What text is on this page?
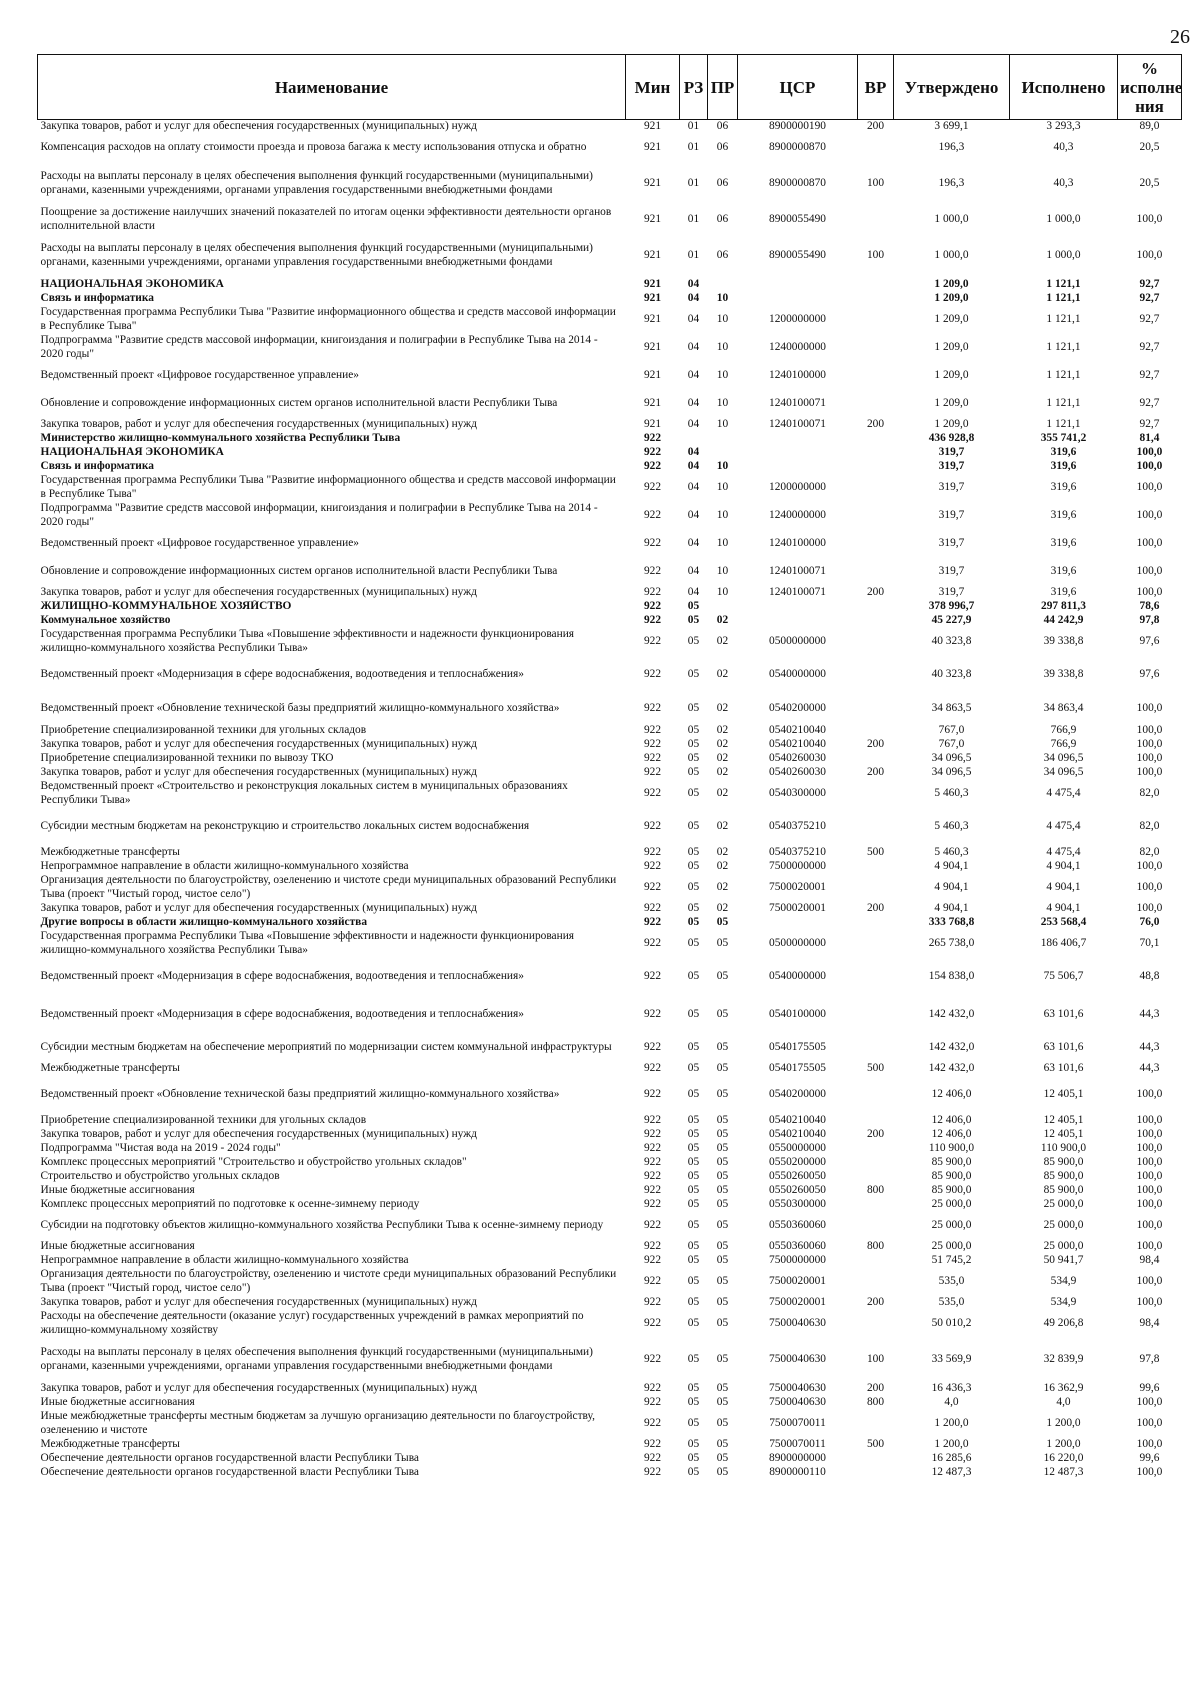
26
Наименование	Мин	РЗ	ПР	ЦСР	ВР	Утверждено	Исполнено	% исполне ния
Закупка товаров, работ и услуг для обеспечения государственных (муниципальных) нужд	921	01	06	8900000190	200	3 699,1	3 293,3	89,0
Компенсация расходов на оплату стоимости проезда и провоза багажа к месту использования отпуска и обратно	921	01	06	8900000870		196,3	40,3	20,5
Расходы на выплаты персоналу в целях обеспечения выполнения функций государственными (муниципальными) органами, казенными учреждениями, органами управления государственными внебюджетными фондами	921	01	06	8900000870	100	196,3	40,3	20,5
Поощрение за достижение наилучших значений показателей по итогам оценки эффективности деятельности органов исполнительной власти	921	01	06	8900055490		1 000,0	1 000,0	100,0
Расходы на выплаты персоналу в целях обеспечения выполнения функций государственными (муниципальными) органами, казенными учреждениями, органами управления государственными внебюджетными фондами	921	01	06	8900055490	100	1 000,0	1 000,0	100,0
НАЦИОНАЛЬНАЯ ЭКОНОМИКА	921	04				1 209,0	1 121,1	92,7
Связь и информатика	921	04	10			1 209,0	1 121,1	92,7
Государственная программа Республики Тыва "Развитие информационного общества и средств массовой информации в Республике Тыва"	921	04	10	1200000000		1 209,0	1 121,1	92,7
Подпрограмма "Развитие средств массовой информации, книгоиздания и полиграфии в Республике Тыва на 2014 - 2020 годы"	921	04	10	1240000000		1 209,0	1 121,1	92,7
Ведомственный проект «Цифровое государственное управление»	921	04	10	1240100000		1 209,0	1 121,1	92,7
Обновление и сопровождение информационных систем органов исполнительной власти Республики Тыва	921	04	10	1240100071		1 209,0	1 121,1	92,7
Закупка товаров, работ и услуг для обеспечения государственных (муниципальных) нужд	921	04	10	1240100071	200	1 209,0	1 121,1	92,7
Министерство жилищно-коммунального хозяйства Республики Тыва	922					436 928,8	355 741,2	81,4
НАЦИОНАЛЬНАЯ ЭКОНОМИКА	922	04				319,7	319,6	100,0
Связь и информатика	922	04	10			319,7	319,6	100,0
Государственная программа Республики Тыва "Развитие информационного общества и средств массовой информации в Республике Тыва"	922	04	10	1200000000		319,7	319,6	100,0
Подпрограмма "Развитие средств массовой информации, книгоиздания и полиграфии в Республике Тыва на 2014 - 2020 годы"	922	04	10	1240000000		319,7	319,6	100,0
Ведомственный проект «Цифровое государственное управление»	922	04	10	1240100000		319,7	319,6	100,0
Обновление и сопровождение информационных систем органов исполнительной власти Республики Тыва	922	04	10	1240100071		319,7	319,6	100,0
Закупка товаров, работ и услуг для обеспечения государственных (муниципальных) нужд	922	04	10	1240100071	200	319,7	319,6	100,0
ЖИЛИЩНО-КОММУНАЛЬНОЕ ХОЗЯЙСТВО	922	05				378 996,7	297 811,3	78,6
Коммунальное хозяйство	922	05	02			45 227,9	44 242,9	97,8
Государственная программа Республики Тыва «Повышение эффективности и надежности функционирования жилищно-коммунального хозяйства Республики Тыва»	922	05	02	0500000000		40 323,8	39 338,8	97,6
Ведомственный проект «Модернизация в сфере водоснабжения, водоотведения и теплоснабжения»	922	05	02	0540000000		40 323,8	39 338,8	97,6
Ведомственный проект «Обновление технической базы предприятий жилищно-коммунального хозяйства»	922	05	02	0540200000		34 863,5	34 863,4	100,0
Приобретение специализированной техники для угольных складов	922	05	02	0540210040		767,0	766,9	100,0
Закупка товаров, работ и услуг для обеспечения государственных (муниципальных) нужд	922	05	02	0540210040	200	767,0	766,9	100,0
Приобретение специализированной техники по вывозу ТКО	922	05	02	0540260030		34 096,5	34 096,5	100,0
Закупка товаров, работ и услуг для обеспечения государственных (муниципальных) нужд	922	05	02	0540260030	200	34 096,5	34 096,5	100,0
Ведомственный проект «Строительство и реконструкция локальных систем в муниципальных образованиях Республики Тыва»	922	05	02	0540300000		5 460,3	4 475,4	82,0
Субсидии местным бюджетам на реконструкцию и строительство локальных систем водоснабжения	922	05	02	0540375210		5 460,3	4 475,4	82,0
Межбюджетные трансферты	922	05	02	0540375210	500	5 460,3	4 475,4	82,0
Непрограммное направление в области жилищно-коммунального хозяйства	922	05	02	7500000000		4 904,1	4 904,1	100,0
Организация деятельности по благоустройству, озеленению и чистоте среди муниципальных образований Республики Тыва (проект "Чистый город, чистое село")	922	05	02	7500020001		4 904,1	4 904,1	100,0
Закупка товаров, работ и услуг для обеспечения государственных (муниципальных) нужд	922	05	02	7500020001	200	4 904,1	4 904,1	100,0
Другие вопросы в области жилищно-коммунального хозяйства	922	05	05			333 768,8	253 568,4	76,0
Государственная программа Республики Тыва «Повышение эффективности и надежности функционирования жилищно-коммунального хозяйства Республики Тыва»	922	05	05	0500000000		265 738,0	186 406,7	70,1
Ведомственный проект «Модернизация в сфере водоснабжения, водоотведения и теплоснабжения»	922	05	05	0540000000		154 838,0	75 506,7	48,8
Ведомственный проект «Модернизация в сфере водоснабжения, водоотведения и теплоснабжения»	922	05	05	0540100000		142 432,0	63 101,6	44,3
Субсидии местным бюджетам на обеспечение мероприятий по модернизации систем коммунальной инфраструктуры	922	05	05	0540175505		142 432,0	63 101,6	44,3
Межбюджетные трансферты	922	05	05	0540175505	500	142 432,0	63 101,6	44,3
Ведомственный проект «Обновление технической базы предприятий жилищно-коммунального хозяйства»	922	05	05	0540200000		12 406,0	12 405,1	100,0
Приобретение специализированной техники для угольных складов	922	05	05	0540210040		12 406,0	12 405,1	100,0
Закупка товаров, работ и услуг для обеспечения государственных (муниципальных) нужд	922	05	05	0540210040	200	12 406,0	12 405,1	100,0
Подпрограмма "Чистая вода на 2019 - 2024 годы"	922	05	05	0550000000		110 900,0	110 900,0	100,0
Комплекс процессных мероприятий "Строительство и обустройство угольных складов"	922	05	05	0550200000		85 900,0	85 900,0	100,0
Строительство и обустройство угольных складов	922	05	05	0550260050		85 900,0	85 900,0	100,0
Иные бюджетные ассигнования	922	05	05	0550260050	800	85 900,0	85 900,0	100,0
Комплекс процессных мероприятий по подготовке к осенне-зимнему периоду	922	05	05	0550300000		25 000,0	25 000,0	100,0
Субсидии на подготовку объектов жилищно-коммунального хозяйства Республики Тыва к осенне-зимнему периоду	922	05	05	0550360060		25 000,0	25 000,0	100,0
Иные бюджетные ассигнования	922	05	05	0550360060	800	25 000,0	25 000,0	100,0
Непрограммное направление в области жилищно-коммунального хозяйства	922	05	05	7500000000		51 745,2	50 941,7	98,4
Организация деятельности по благоустройству, озеленению и чистоте среди муниципальных образований Республики Тыва (проект "Чистый город, чистое село")	922	05	05	7500020001		535,0	534,9	100,0
Закупка товаров, работ и услуг для обеспечения государственных (муниципальных) нужд	922	05	05	7500020001	200	535,0	534,9	100,0
Расходы на обеспечение деятельности (оказание услуг) государственных учреждений в рамках мероприятий по жилищно-коммунальному хозяйству	922	05	05	7500040630		50 010,2	49 206,8	98,4
Расходы на выплаты персоналу в целях обеспечения выполнения функций государственными (муниципальными) органами, казенными учреждениями, органами управления государственными внебюджетными фондами	922	05	05	7500040630	100	33 569,9	32 839,9	97,8
Закупка товаров, работ и услуг для обеспечения государственных (муниципальных) нужд	922	05	05	7500040630	200	16 436,3	16 362,9	99,6
Иные бюджетные ассигнования	922	05	05	7500040630	800	4,0	4,0	100,0
Иные межбюджетные трансферты местным бюджетам за лучшую организацию деятельности по благоустройству, озеленению и чистоте	922	05	05	7500070011		1 200,0	1 200,0	100,0
Межбюджетные трансферты	922	05	05	7500070011	500	1 200,0	1 200,0	100,0
Обеспечение деятельности органов государственной власти Республики Тыва	922	05	05	8900000000		16 285,6	16 220,0	99,6
Обеспечение деятельности органов государственной власти Республики Тыва	922	05	05	8900000110		12 487,3	12 487,3	100,0
